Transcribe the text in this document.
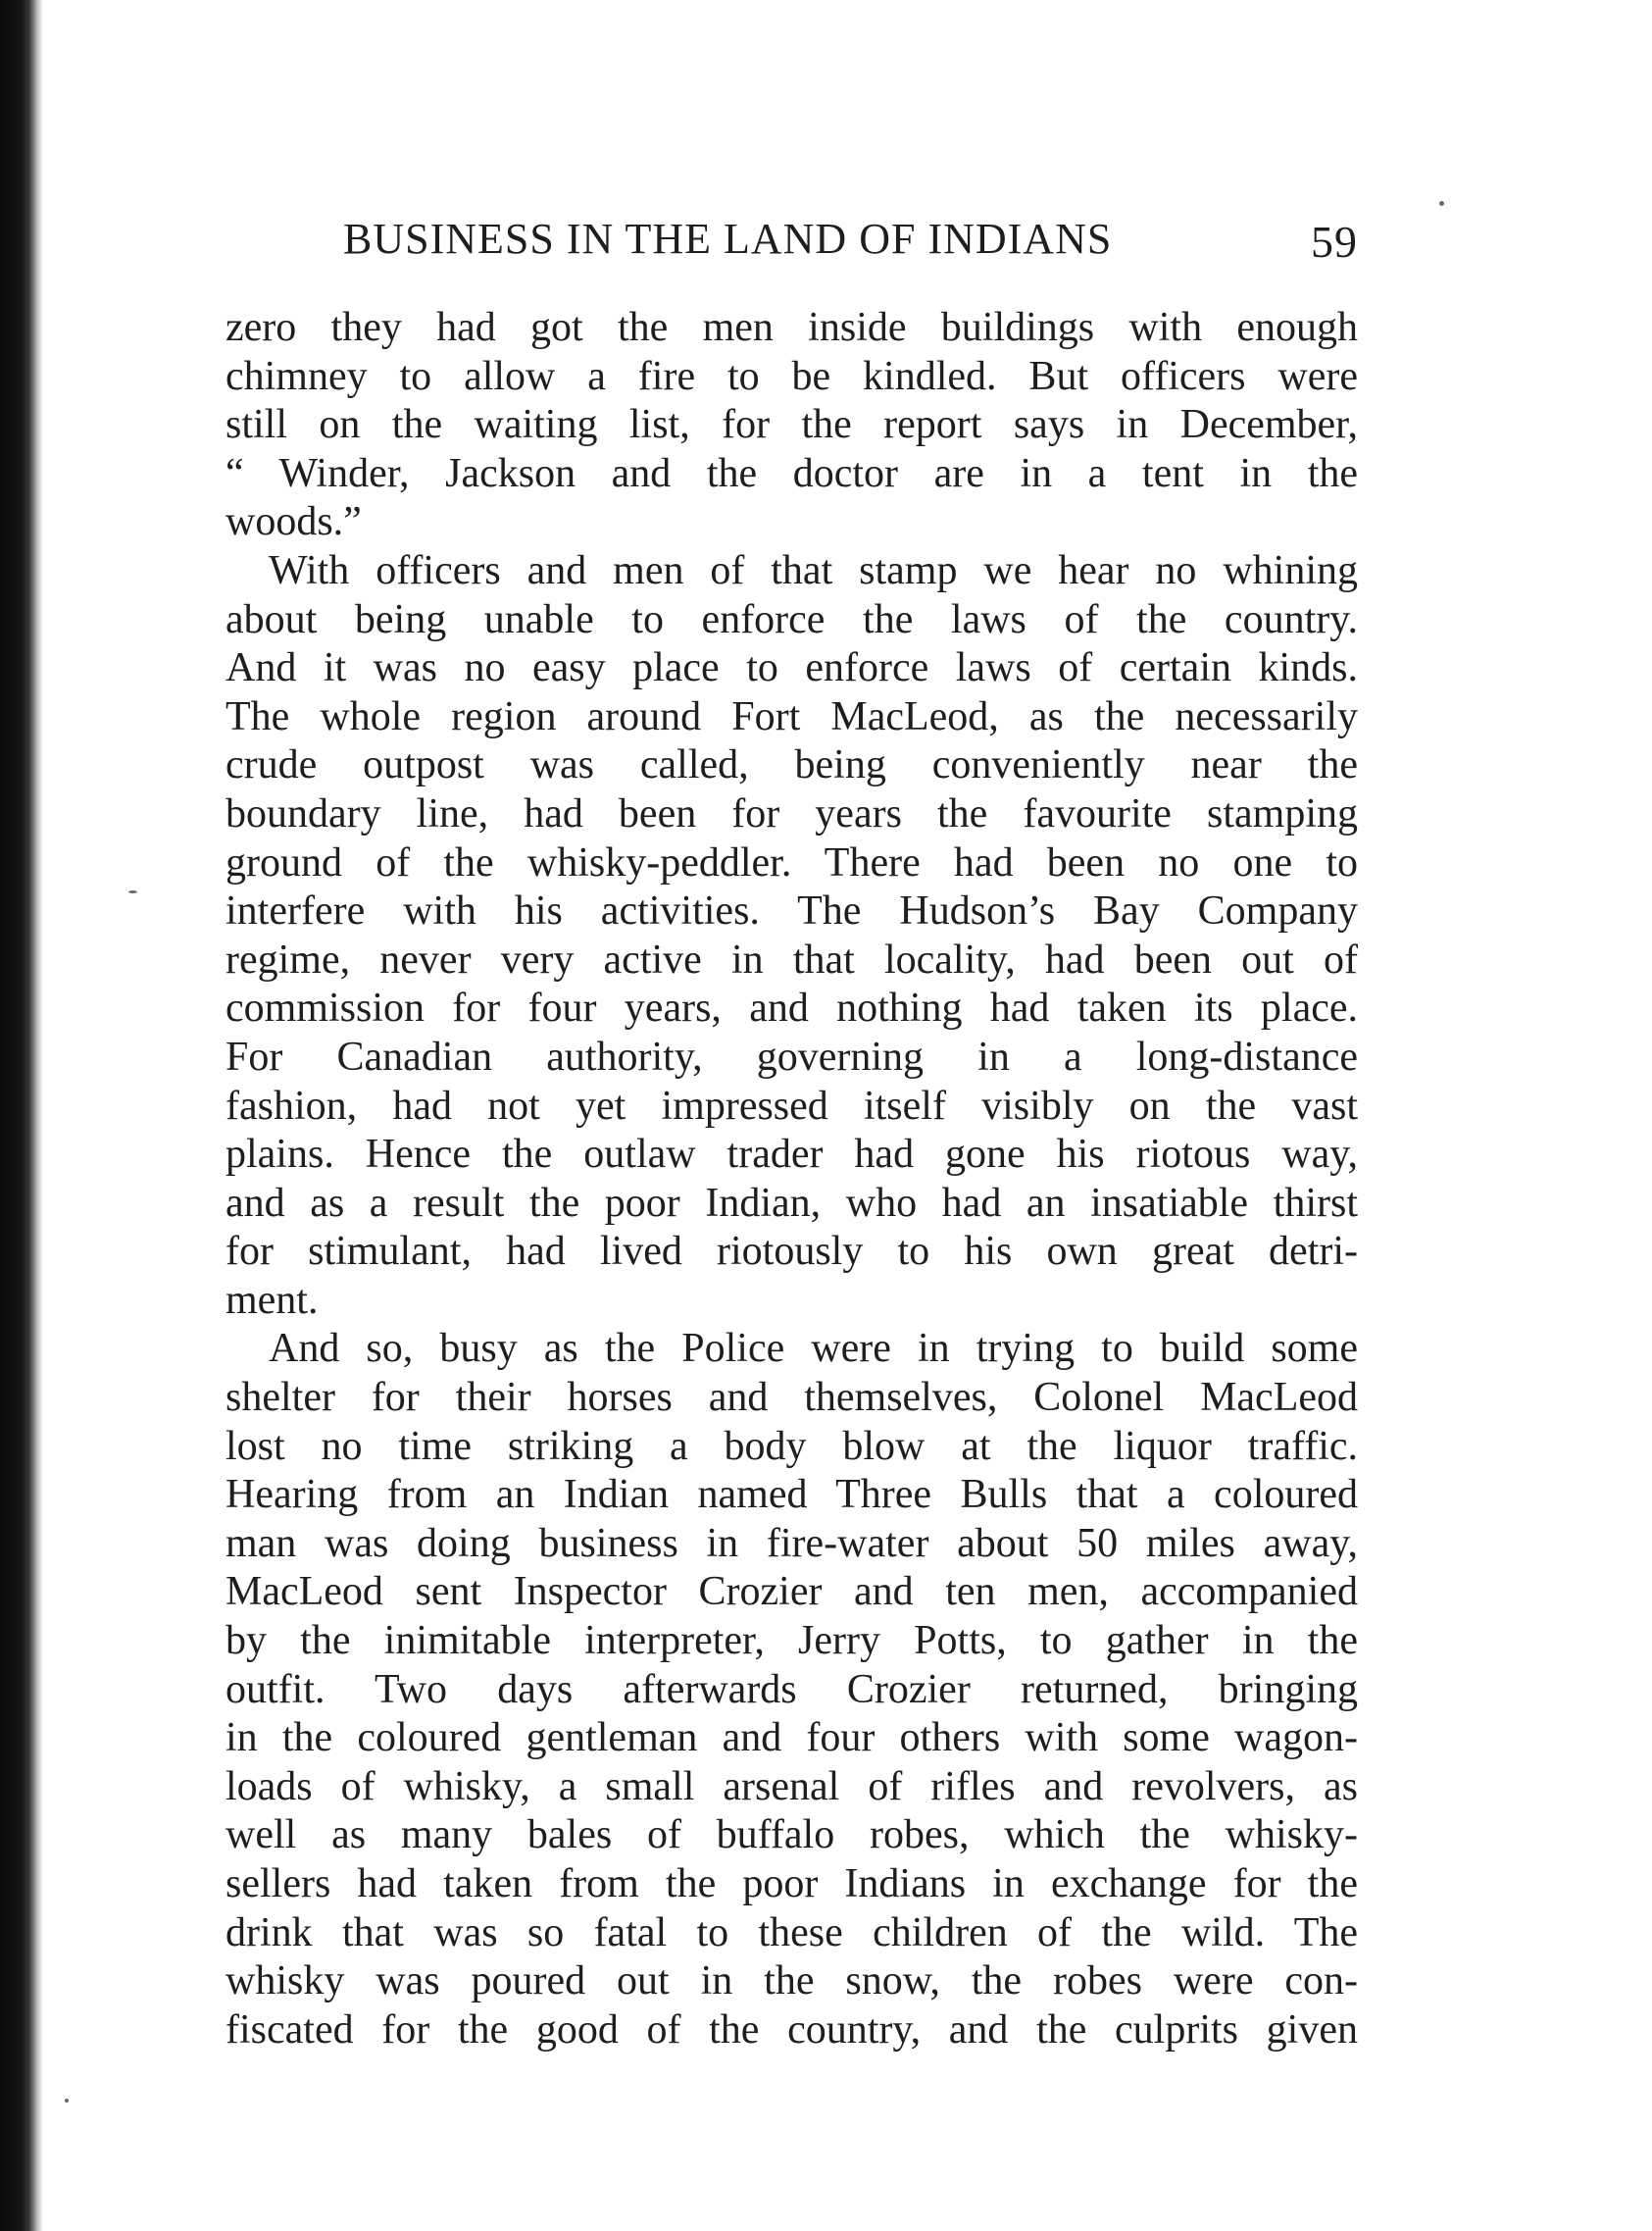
BUSINESS IN THE LAND OF INDIANS	59
zero they had got the men inside buildings with enough
chimney to allow a fire to be kindled. But officers were
still on the waiting list, for the report says in December,
“ Winder, Jackson and the doctor are in a tent in the
woods.”
With officers and men of that stamp we hear no whining
about being unable to enforce the laws of the country.
And it was no easy place to enforce laws of certain kinds.
The whole region around Fort MacLeod, as the necessarily
crude outpost was called, being conveniently near the
boundary line, had been for years the favourite stamping
ground of the whisky-peddler. There had been no one to
interfere with his activities. The Hudson’s Bay Company
regime, never very active in that locality, had been out of
commission for four years, and nothing had taken its place.
For Canadian authority, governing in a long-distance
fashion, had not yet impressed itself visibly on the vast
plains. Hence the outlaw trader had gone his riotous way,
and as a result the poor Indian, who had an insatiable thirst
for stimulant, had lived riotously to his own great detri-
ment.
And so, busy as the Police were in trying to build some
shelter for their horses and themselves, Colonel MacLeod
lost no time striking a body blow at the liquor traffic.
Hearing from an Indian named Three Bulls that a coloured
man was doing business in fire-water about 50 miles away,
MacLeod sent Inspector Crozier and ten men, accompanied
by the inimitable interpreter, Jerry Potts, to gather in the
outfit. Two days afterwards Crozier returned, bringing
in the coloured gentleman and four others with some wagon-
loads of whisky, a small arsenal of rifles and revolvers, as
well as many bales of buffalo robes, which the whisky-
sellers had taken from the poor Indians in exchange for the
drink that was so fatal to these children of the wild. The
whisky was poured out in the snow, the robes were con-
fiscated for the good of the country, and the culprits given
